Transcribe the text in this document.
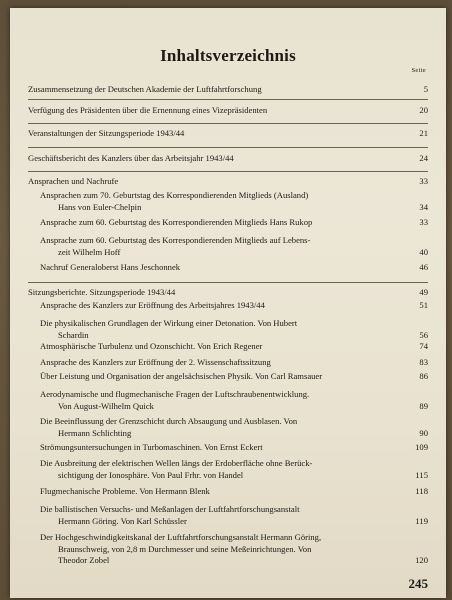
Inhaltsverzeichnis
Seite
Zusammensetzung der Deutschen Akademie der Luftfahrtforschung	5
Verfügung des Präsidenten über die Ernennung eines Vizepräsidenten	20
Veranstaltungen der Sitzungsperiode 1943/44	21
Geschäftsbericht des Kanzlers über das Arbeitsjahr 1943/44	24
Ansprachen und Nachrufe	33
Ansprachen zum 70. Geburtstag des Korrespondierenden Mitglieds (Ausland)
Hans von Euler-Chelpin	34
Ansprache zum 60. Geburtstag des Korrespondierenden Mitglieds Hans Rukop	33
Ansprache zum 60. Geburtstag des Korrespondierenden Mitglieds auf Lebens-
zeit Wilhelm Hoff	40
Nachruf Generaloberst Hans Jeschonnek	46
Sitzungsberichte. Sitzungsperiode 1943/44	49
Ansprache des Kanzlers zur Eröffnung des Arbeitsjahres 1943/44	51
Die physikalischen Grundlagen der Wirkung einer Detonation. Von Hubert
Schardin	56
Atmosphärische Turbulenz und Ozonschicht. Von Erich Regener	74
Ansprache des Kanzlers zur Eröffnung der 2. Wissenschaftssitzung	83
Über Leistung und Organisation der angelsächsischen Physik. Von Carl Ramsauer	86
Aerodynamische und flugmechanische Fragen der Luftschraubenentwicklung.
Von August-Wilhelm Quick	89
Die Beeinflussung der Grenzschicht durch Absaugung und Ausblasen. Von
Hermann Schlichting	90
Strömungsuntersuchungen in Turbomaschinen. Von Ernst Eckert	109
Die Ausbreitung der elektrischen Wellen längs der Erdoberfläche ohne Berück-
sichtigung der Ionosphäre. Von Paul Frhr. von Handel	115
Flugmechanische Probleme. Von Hermann Blenk	118
Die ballistischen Versuchs- und Meßanlagen der Luftfahrtforschungsanstalt
Hermann Göring. Von Karl Schüssler	119
Der Hochgeschwindigkeitskanal der Luftfahrtforschungsanstalt Hermann Göring,
Braunschweig, von 2,8 m Durchmesser und seine Meßeinrichtungen. Von
Theodor Zobel	120
245
